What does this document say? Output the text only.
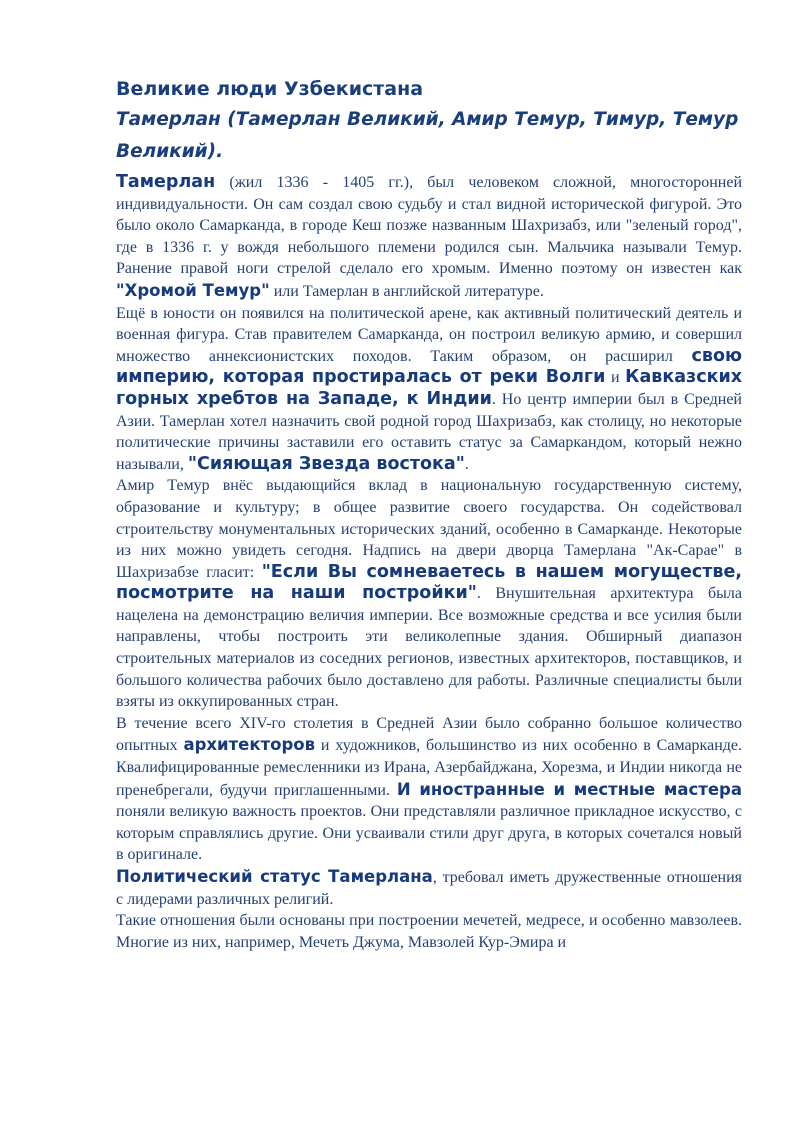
Великие люди Узбекистана
Тамерлан (Тамерлан Великий, Амир Темур, Тимур, Темур Великий).

Тамерлан (жил 1336 - 1405 гг.), был человеком сложной, многосторонней индивидуальности. Он сам создал свою судьбу и стал видной исторической фигурой. Это было около Самарканда, в городе Кеш позже названным Шахризабз, или "зеленый город", где в 1336 г. у вождя небольшого племени родился сын. Мальчика называли Темур. Ранение правой ноги стрелой сделало его хромым. Именно поэтому он известен как "Хромой Темур" или Тамерлан в английской литературе.

Ещё в юности он появился на политической арене, как активный политический деятель и военная фигура. Став правителем Самарканда, он построил великую армию, и совершил множество аннексионистских походов. Таким образом, он расширил свою империю, которая простиралась от реки Волги и Кавказских горных хребтов на Западе, к Индии. Но центр империи был в Средней Азии. Тамерлан хотел назначить свой родной город Шахризабз, как столицу, но некоторые политические причины заставили его оставить статус за Самаркандом, который нежно называли, "Сияющая Звезда востока".

Амир Темур внёс выдающийся вклад в национальную государственную систему, образование и культуру; в общее развитие своего государства. Он содействовал строительству монументальных исторических зданий, особенно в Самарканде. Некоторые из них можно увидеть сегодня. Надпись на двери дворца Тамерлана "Ак-Сарае" в Шахризабзе гласит: "Если Вы сомневаетесь в нашем могуществе, посмотрите на наши постройки". Внушительная архитектура была нацелена на демонстрацию величия империи. Все возможные средства и все усилия были направлены, чтобы построить эти великолепные здания. Обширный диапазон строительных материалов из соседних регионов, известных архитекторов, поставщиков, и большого количества рабочих было доставлено для работы. Различные специалисты были взяты из оккупированных стран.

В течение всего XIV-го столетия в Средней Азии было собранно большое количество опытных архитекторов и художников, большинство из них особенно в Самарканде. Квалифицированные ремесленники из Ирана, Азербайджана, Хорезма, и Индии никогда не пренебрегали, будучи приглашенными. И иностранные и местные мастера поняли великую важность проектов. Они представляли различное прикладное искусство, с которым справлялись другие. Они усваивали стили друг друга, в которых сочетался новый в оригинале.

Политический статус Тамерлана, требовал иметь дружественные отношения с лидерами различных религий.

Такие отношения были основаны при построении мечетей, медресе, и особенно мавзолеев. Многие из них, например, Мечеть Джума, Мавзолей Кур-Эмира и
